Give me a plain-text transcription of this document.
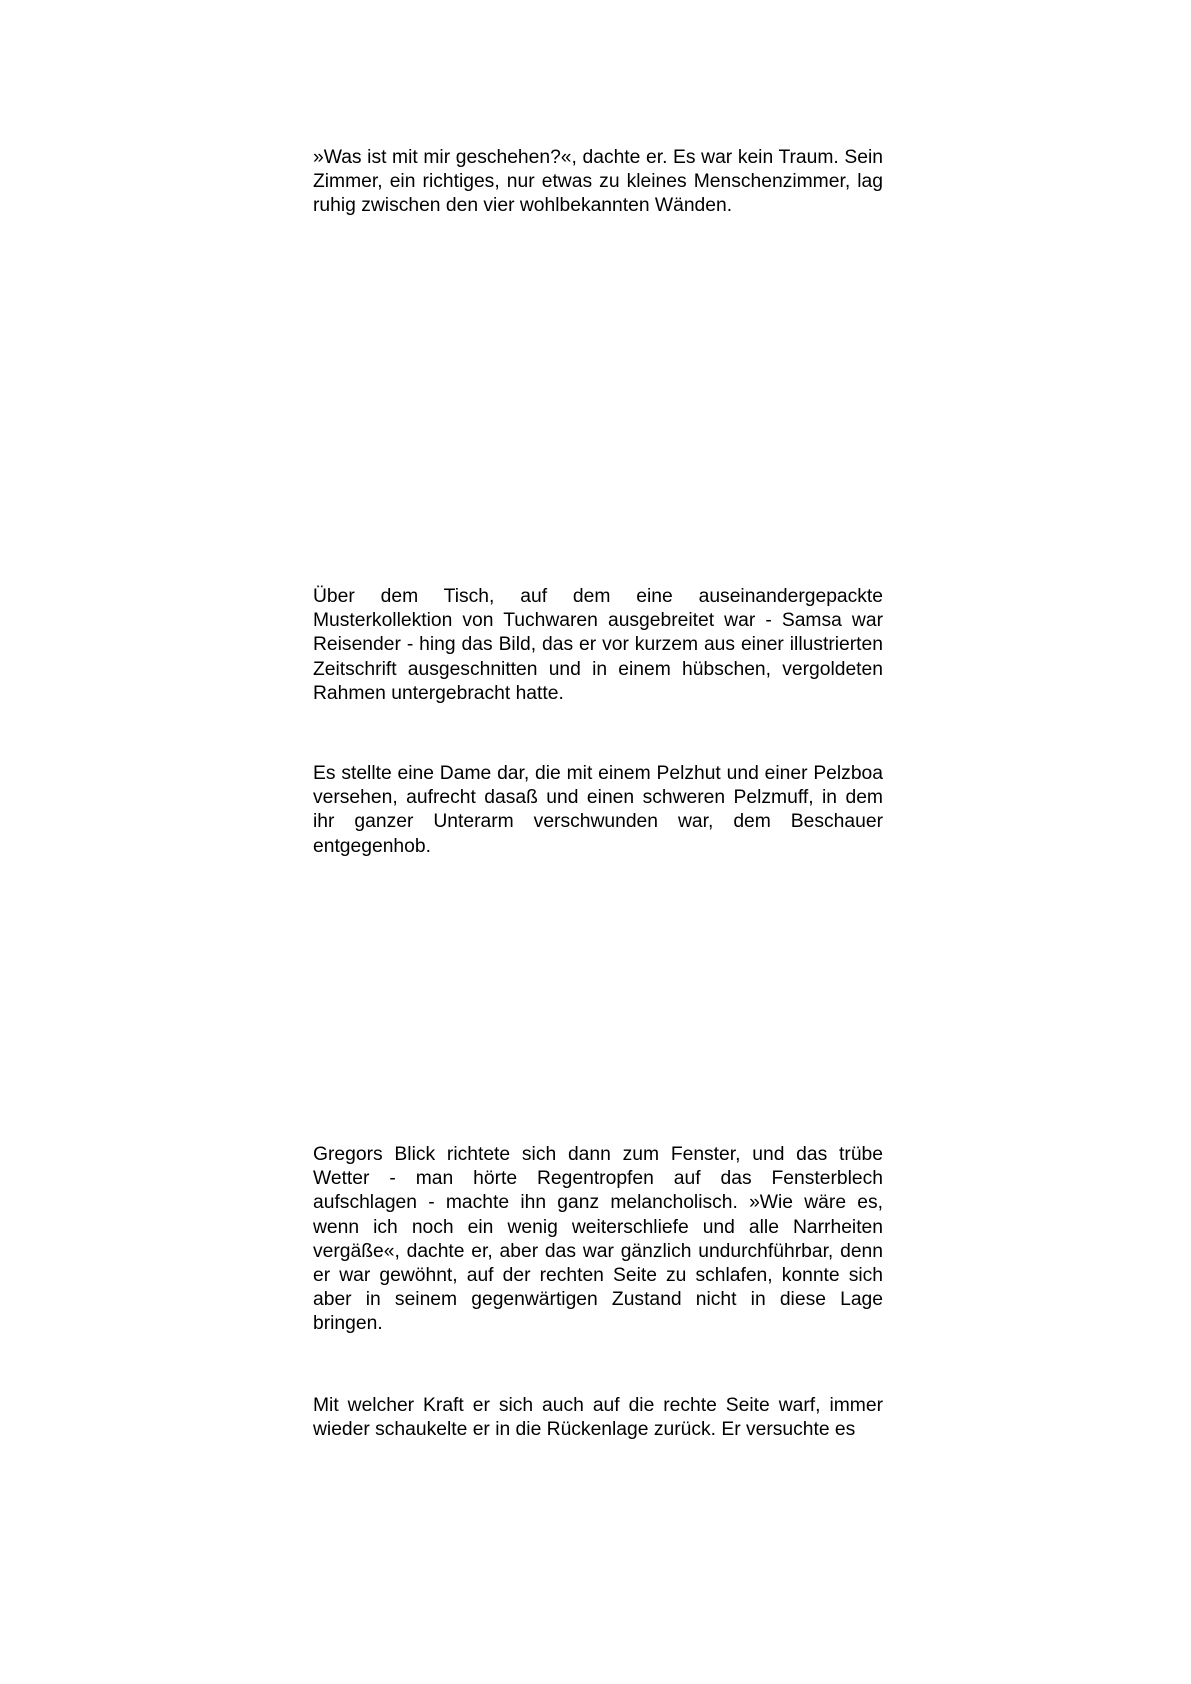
»Was ist mit mir geschehen?«, dachte er. Es war kein Traum. Sein Zimmer, ein richtiges, nur etwas zu kleines Menschenzimmer, lag ruhig zwischen den vier wohlbekannten Wänden.

Über dem Tisch, auf dem eine auseinandergepackte Musterkollektion von Tuchwaren ausgebreitet war - Samsa war Reisender - hing das Bild, das er vor kurzem aus einer illustrierten Zeitschrift ausgeschnitten und in einem hübschen, vergoldeten Rahmen untergebracht hatte.

Es stellte eine Dame dar, die mit einem Pelzhut und einer Pelzboa versehen, aufrecht dasaß und einen schweren Pelzmuff, in dem ihr ganzer Unterarm verschwunden war, dem Beschauer entgegenhob.

Gregors Blick richtete sich dann zum Fenster, und das trübe Wetter - man hörte Regentropfen auf das Fensterblech aufschlagen - machte ihn ganz melancholisch. »Wie wäre es, wenn ich noch ein wenig weiterschliefe und alle Narrheiten vergäße«, dachte er, aber das war gänzlich undurchführbar, denn er war gewöhnt, auf der rechten Seite zu schlafen, konnte sich aber in seinem gegenwärtigen Zustand nicht in diese Lage bringen.

Mit welcher Kraft er sich auch auf die rechte Seite warf, immer wieder schaukelte er in die Rückenlage zurück. Er versuchte es
